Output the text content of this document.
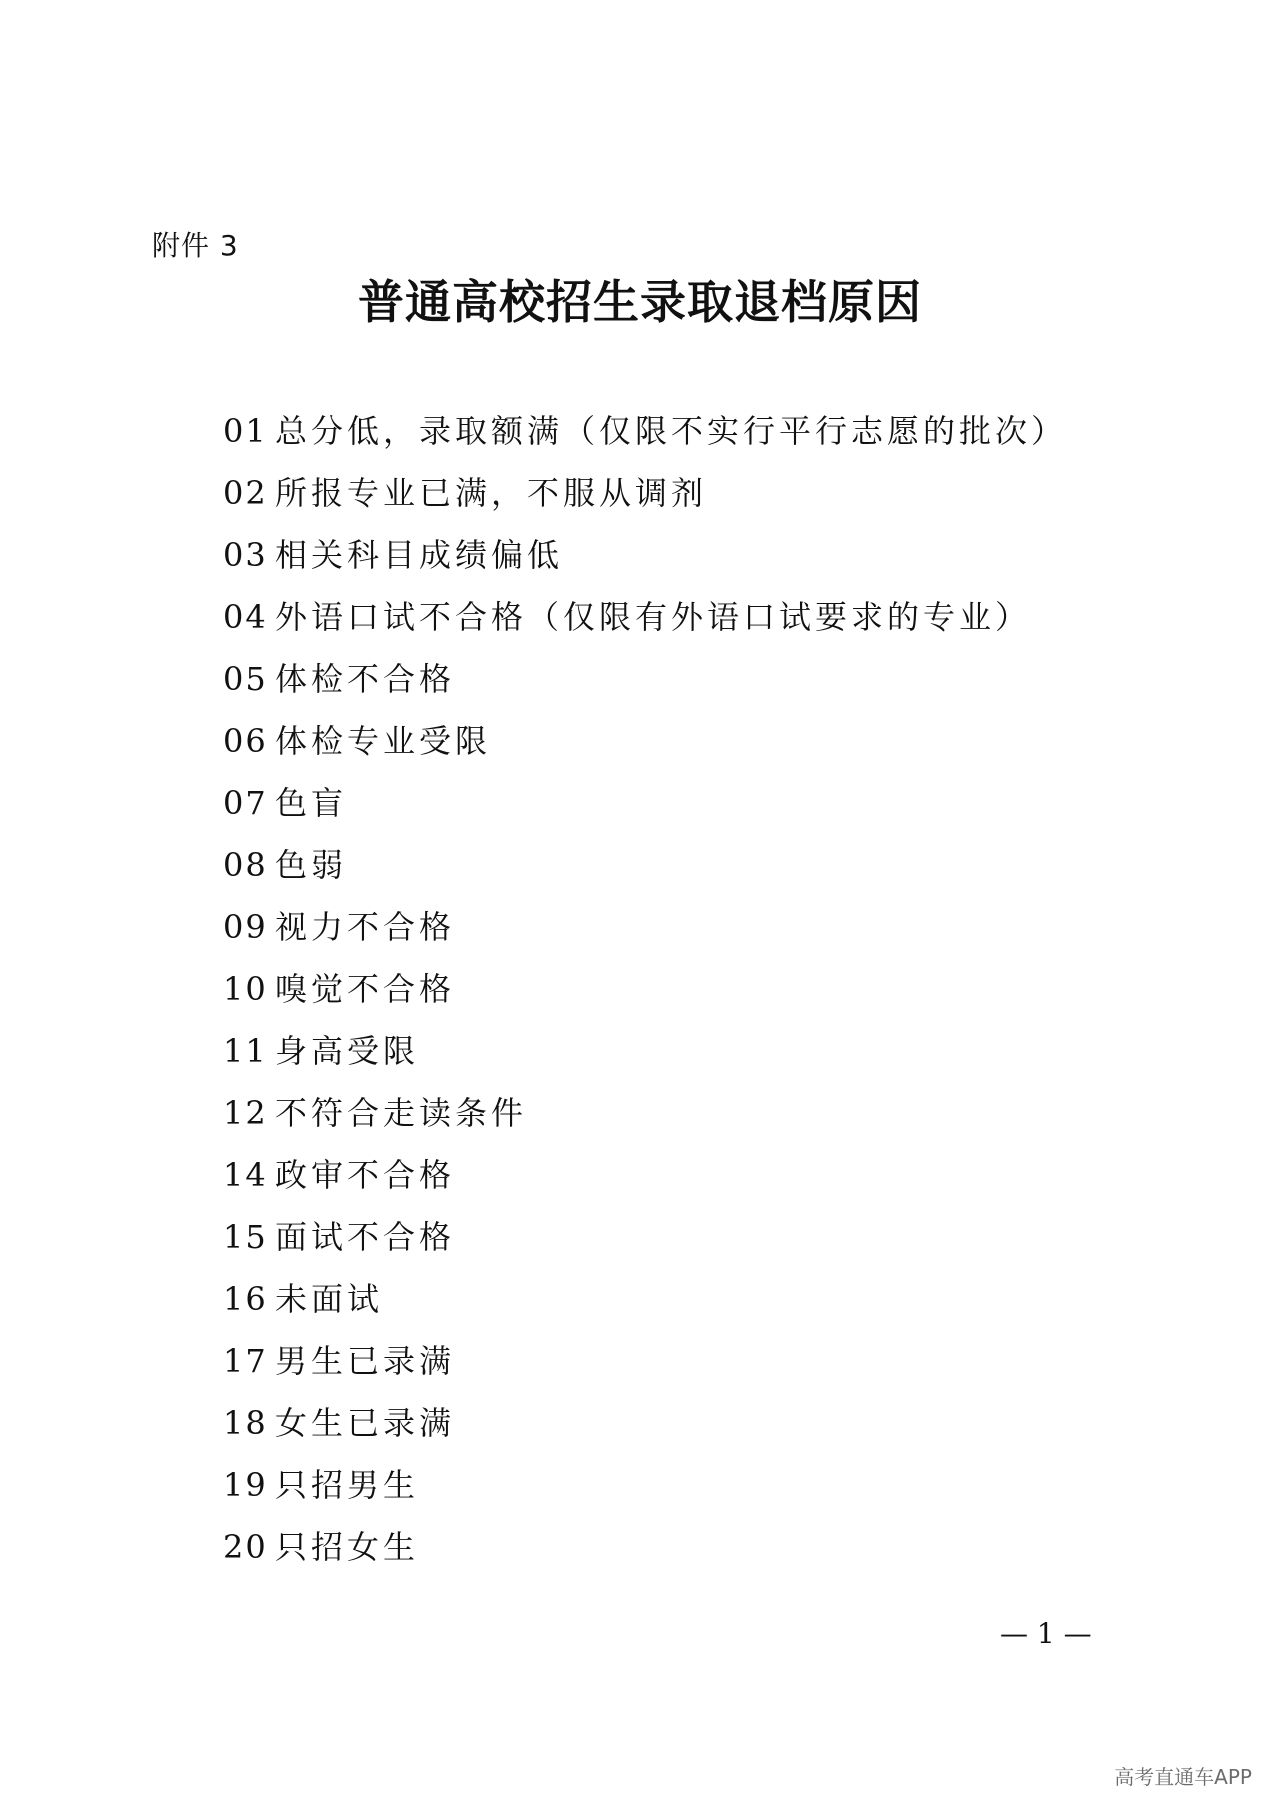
附件 3
普通高校招生录取退档原因
01 总分低，录取额满（仅限不实行平行志愿的批次）
02 所报专业已满，不服从调剂
03 相关科目成绩偏低
04 外语口试不合格（仅限有外语口试要求的专业）
05 体检不合格
06 体检专业受限
07 色盲
08 色弱
09 视力不合格
10 嗅觉不合格
11 身高受限
12 不符合走读条件
14 政审不合格
15 面试不合格
16 未面试
17 男生已录满
18 女生已录满
19 只招男生
20 只招女生
— 1 —
高考直通车APP
